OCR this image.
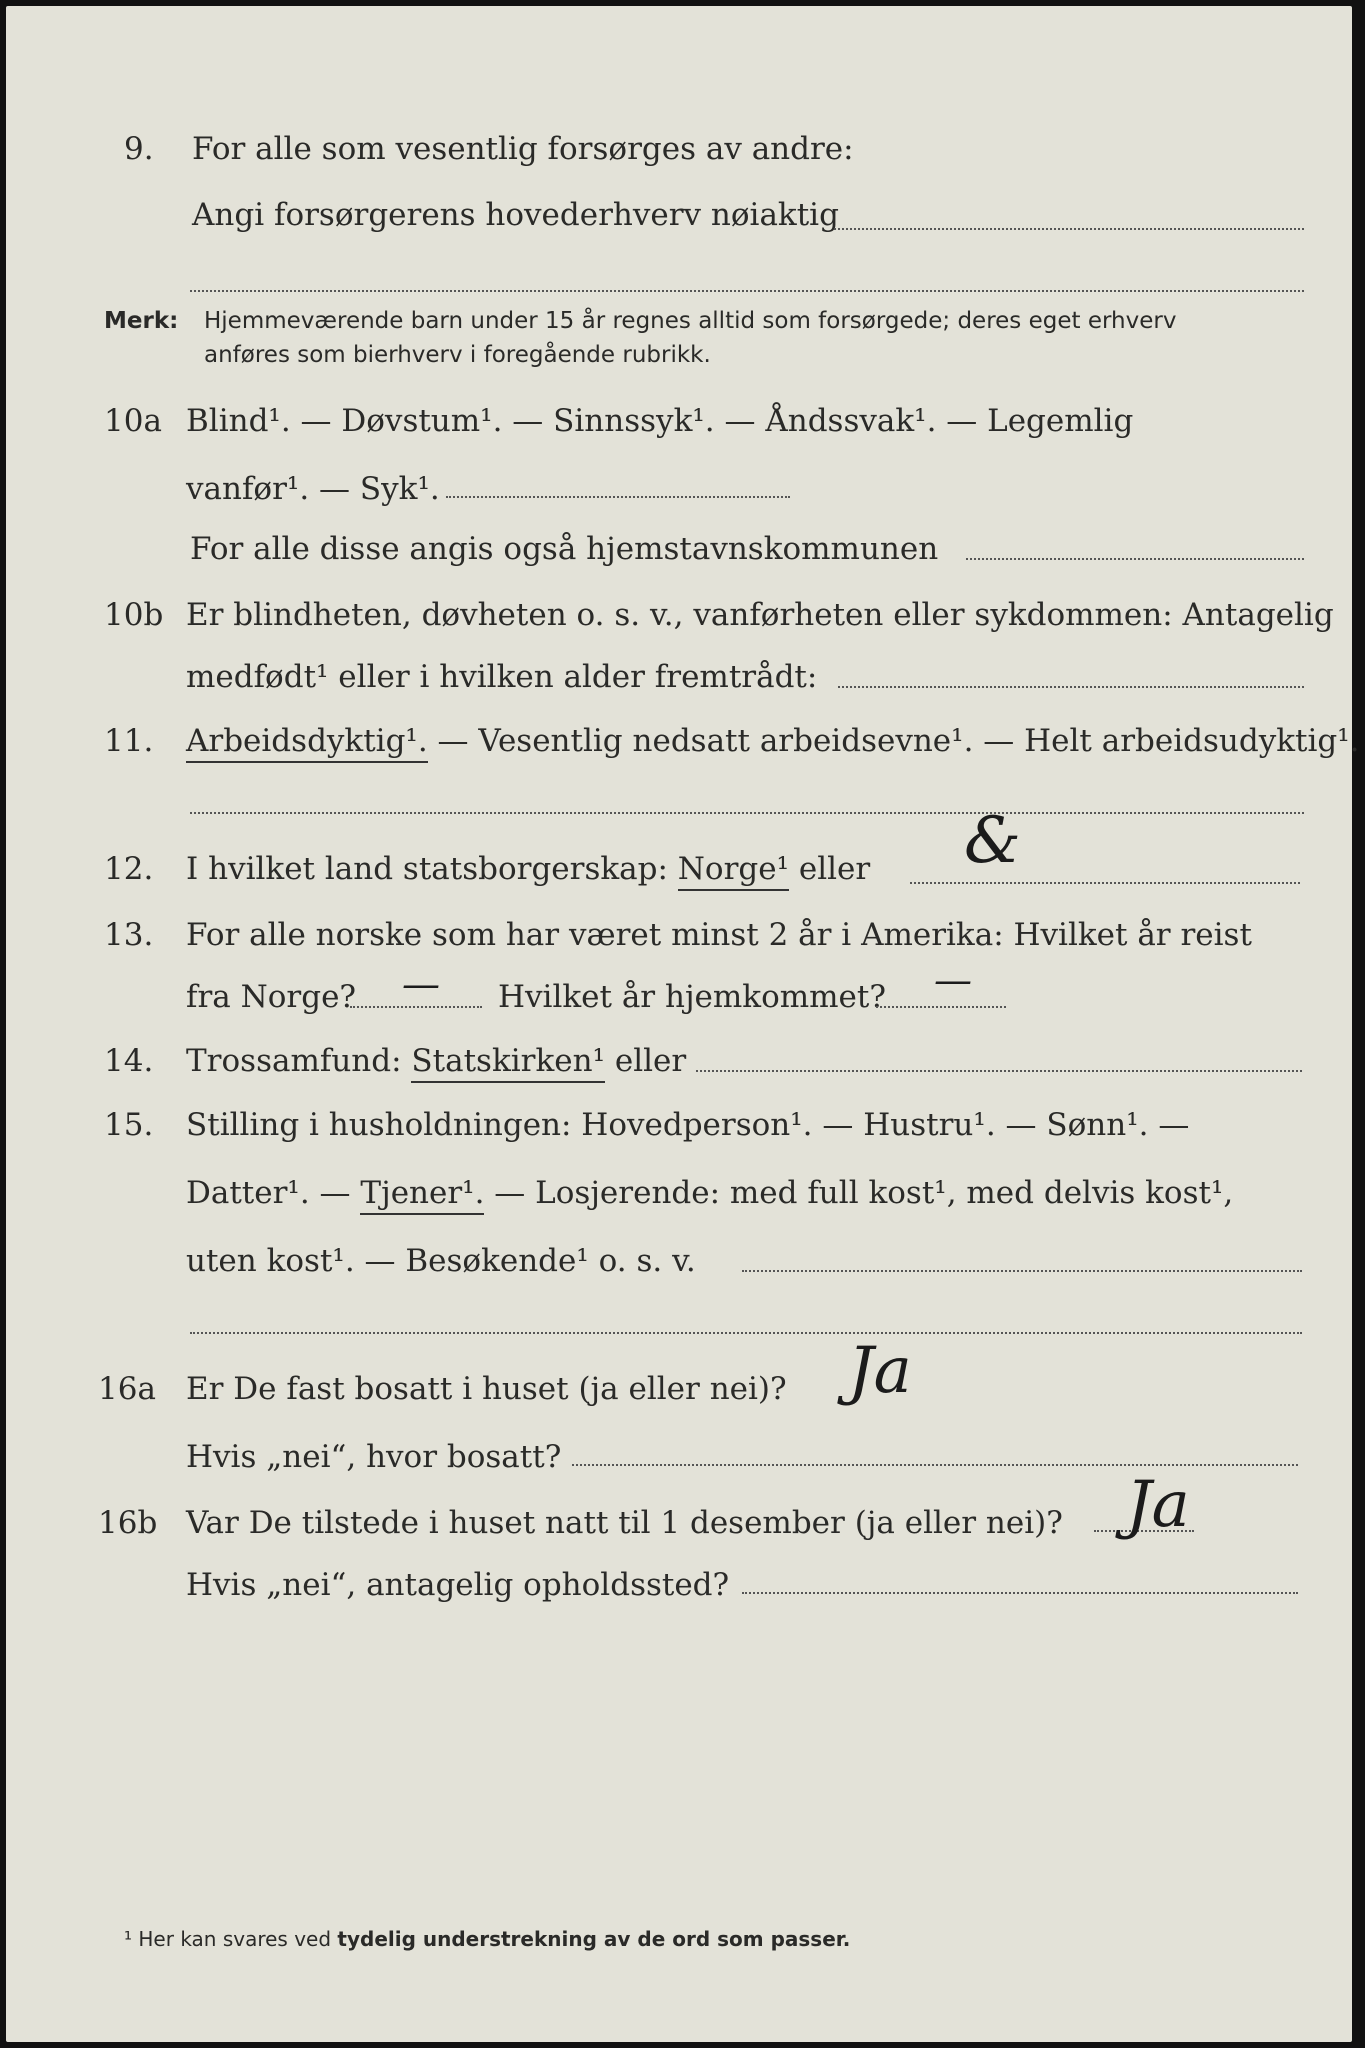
9.	For alle som vesentlig forsørges av andre:
Angi forsørgerens hovederhverv nøiaktig
Merk: Hjemmeværende barn under 15 år regnes alltid som forsørgede; deres eget erhverv
anføres som bierhverv i foregående rubrikk.
10a Blind¹. — Døvstum¹. — Sinnssyk¹. — Åndssvak¹. — Legemlig
vanfør¹. — Syk¹.
For alle disse angis også hjemstavnskommunen
10b Er blindheten, døvheten o. s. v., vanførheten eller sykdommen: Antagelig
medfødt¹ eller i hvilken alder fremtrådt:
11.	Arbeidsdyktig¹. — Vesentlig nedsatt arbeidsevne¹. — Helt arbeidsudyktig¹.
12.	I hvilket land statsborgerskap: Norge¹ eller &
13.	For alle norske som har været minst 2 år i Amerika: Hvilket år reist
fra Norge?	Hvilket år hjemkommet?
—	—
14.	Trossamfund: Statskirken¹ eller
15.	Stilling i husholdningen: Hovedperson¹. — Hustru¹. — Sønn¹. —
Datter¹. — Tjener¹. — Losjerende: med full kost¹, med delvis kost¹,
uten kost¹. — Besøkende¹ o. s. v.
16a Er De fast bosatt i huset (ja eller nei)? Ja
Hvis „nei“, hvor bosatt?
16b Var De tilstede i huset natt til 1 desember (ja eller nei)? Ja
Hvis „nei“, antagelig opholdssted?
¹ Her kan svares ved tydelig understrekning av de ord som passer.
